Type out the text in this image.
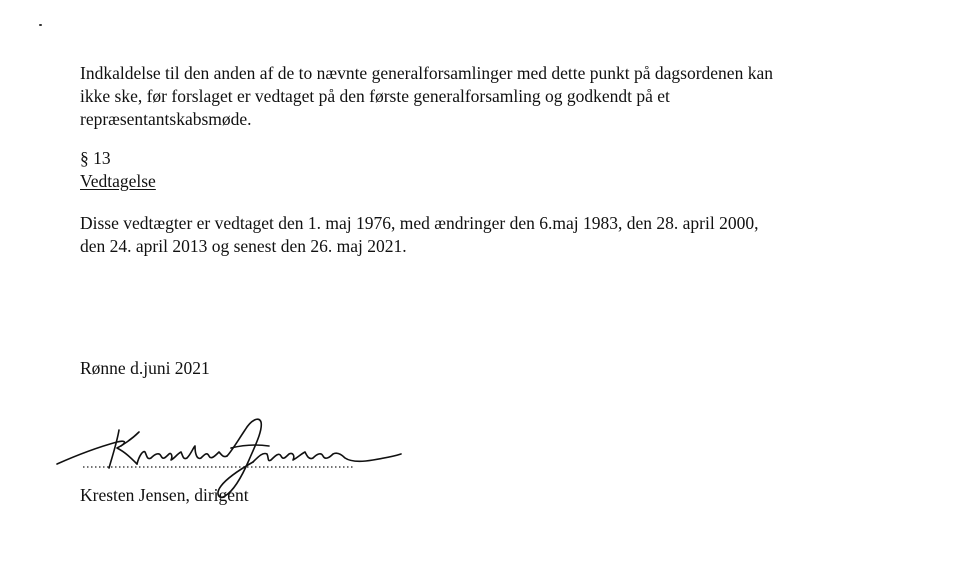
Indkaldelse til den anden af de to nævnte generalforsamlinger med dette punkt på dagsordenen kan
ikke ske, før forslaget er vedtaget på den første generalforsamling og godkendt på et
repræsentantskabsmøde.

§ 13
Vedtagelse

Disse vedtægter er vedtaget den 1. maj 1976, med ændringer den 6.maj 1983, den 28. april 2000,
den 24. april 2013 og senest den 26. maj 2021.

Rønne d.juni 2021
Kresten Jensen, dirigent
